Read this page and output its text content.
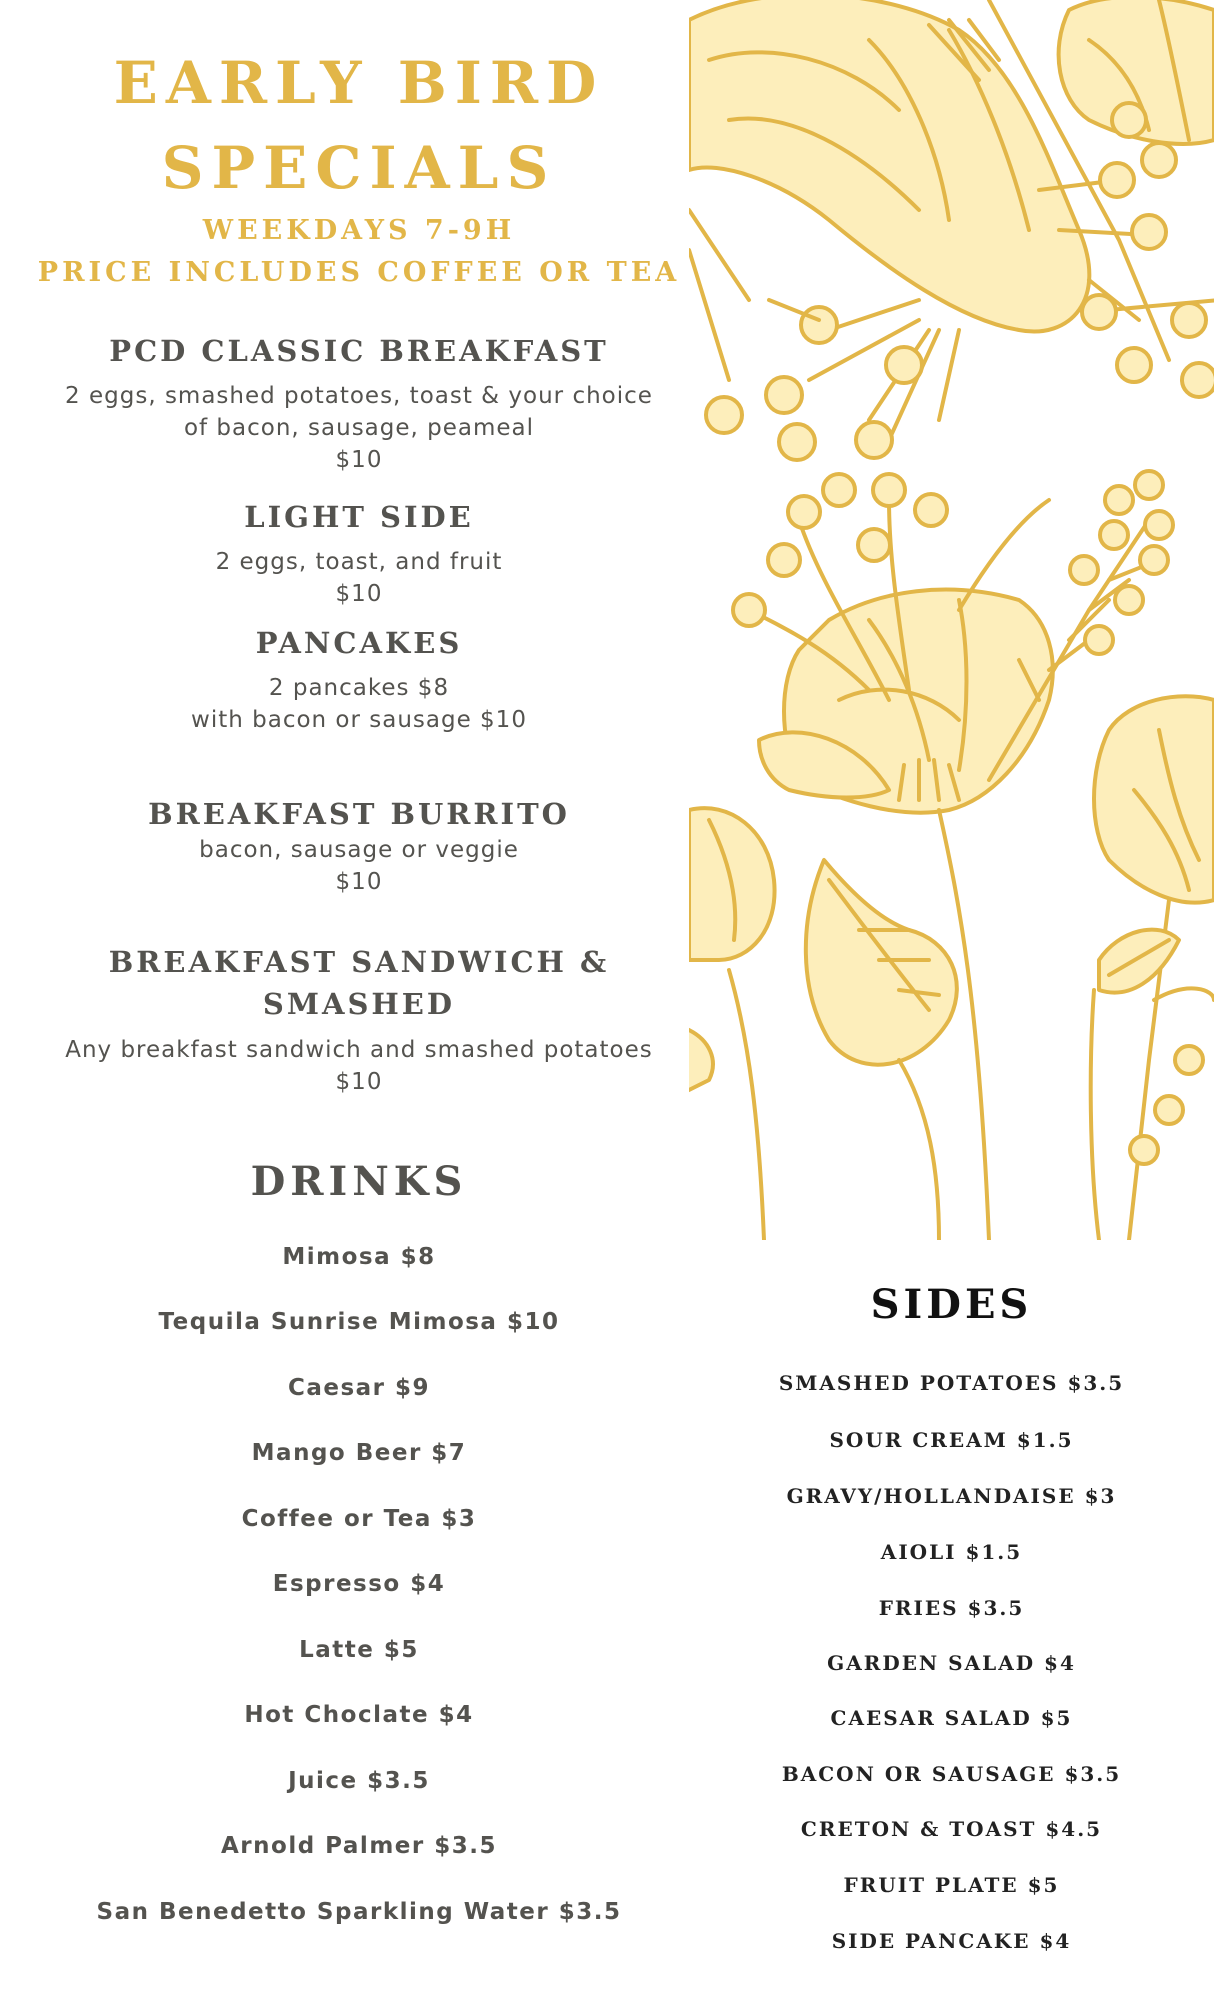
EARLY BIRD

SPECIALS

WEEKDAYS 7-9H

PRICE INCLUDES COFFEE OR TEA

PCD CLASSIC BREAKFAST

2 eggs, smashed potatoes, toast & your choice

of bacon, sausage, peameal

$10

LIGHT SIDE

2 eggs, toast, and fruit

$10

PANCAKES

2 pancakes $8

with bacon or sausage $10

BREAKFAST BURRITO

bacon, sausage or veggie

$10

BREAKFAST SANDWICH &

SMASHED

Any breakfast sandwich and smashed potatoes

$10

DRINKS

Mimosa $8

Tequila Sunrise Mimosa $10

Caesar $9

Mango Beer $7

Coffee or Tea $3

Espresso $4

Latte $5

Hot Choclate $4

Juice $3.5

Arnold Palmer $3.5

San Benedetto Sparkling Water $3.5

SIDES

SMASHED POTATOES $3.5

SOUR CREAM $1.5

GRAVY/HOLLANDAISE $3

AIOLI $1.5

FRIES $3.5

GARDEN SALAD $4

CAESAR SALAD $5

BACON OR SAUSAGE $3.5

CRETON & TOAST $4.5

FRUIT PLATE $5

SIDE PANCAKE $4
